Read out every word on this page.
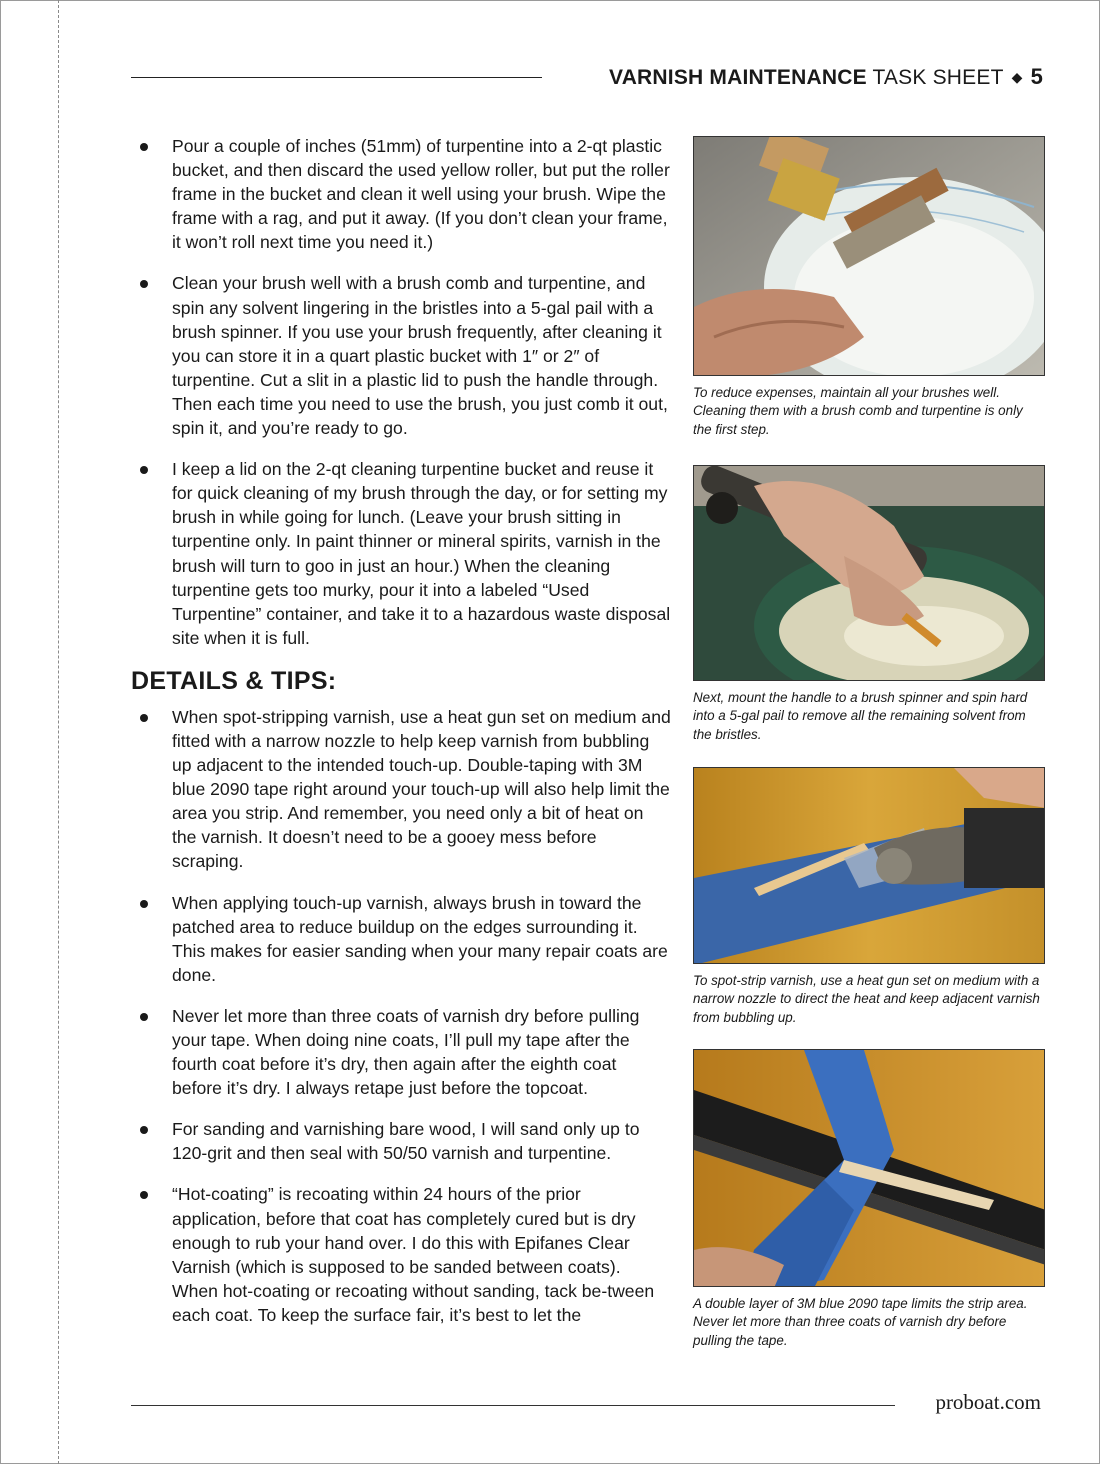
VARNISH MAINTENANCE TASK SHEET ◆ 5
Pour a couple of inches (51mm) of turpentine into a 2-qt plastic bucket, and then discard the used yellow roller, but put the roller frame in the bucket and clean it well using your brush. Wipe the frame with a rag, and put it away. (If you don’t clean your frame, it won’t roll next time you need it.)
Clean your brush well with a brush comb and turpentine, and spin any solvent lingering in the bristles into a 5-gal pail with a brush spinner. If you use your brush frequently, after cleaning it you can store it in a quart plastic bucket with 1″ or 2″ of turpentine. Cut a slit in a plastic lid to push the handle through. Then each time you need to use the brush, you just comb it out, spin it, and you’re ready to go.
I keep a lid on the 2-qt cleaning turpentine bucket and reuse it for quick cleaning of my brush through the day, or for setting my brush in while going for lunch. (Leave your brush sitting in turpentine only. In paint thinner or mineral spirits, varnish in the brush will turn to goo in just an hour.) When the cleaning turpentine gets too murky, pour it into a labeled “Used Turpentine” container, and take it to a hazardous waste disposal site when it is full.
DETAILS & TIPS:
When spot-stripping varnish, use a heat gun set on medium and fitted with a narrow nozzle to help keep varnish from bubbling up adjacent to the intended touch-up. Double-taping with 3M blue 2090 tape right around your touch-up will also help limit the area you strip. And remember, you need only a bit of heat on the varnish. It doesn’t need to be a gooey mess before scraping.
When applying touch-up varnish, always brush in toward the patched area to reduce buildup on the edges surrounding it. This makes for easier sanding when your many repair coats are done.
Never let more than three coats of varnish dry before pulling your tape. When doing nine coats, I’ll pull my tape after the fourth coat before it’s dry, then again after the eighth coat before it’s dry. I always retape just before the topcoat.
For sanding and varnishing bare wood, I will sand only up to 120-grit and then seal with 50/50 varnish and turpentine.
“Hot-coating” is recoating within 24 hours of the prior application, before that coat has completely cured but is dry enough to rub your hand over. I do this with Epifanes Clear Varnish (which is supposed to be sanded between coats). When hot-coating or recoating without sanding, tack be-tween each coat. To keep the surface fair, it’s best to let the
To reduce expenses, maintain all your brushes well. Cleaning them with a brush comb and turpentine is only the first step.
Next, mount the handle to a brush spinner and spin hard into a 5-gal pail to remove all the remaining solvent from the bristles.
To spot-strip varnish, use a heat gun set on medium with a narrow nozzle to direct the heat and keep adjacent varnish from bubbling up.
A double layer of 3M blue 2090 tape limits the strip area. Never let more than three coats of varnish dry before pulling the tape.
proboat.com
